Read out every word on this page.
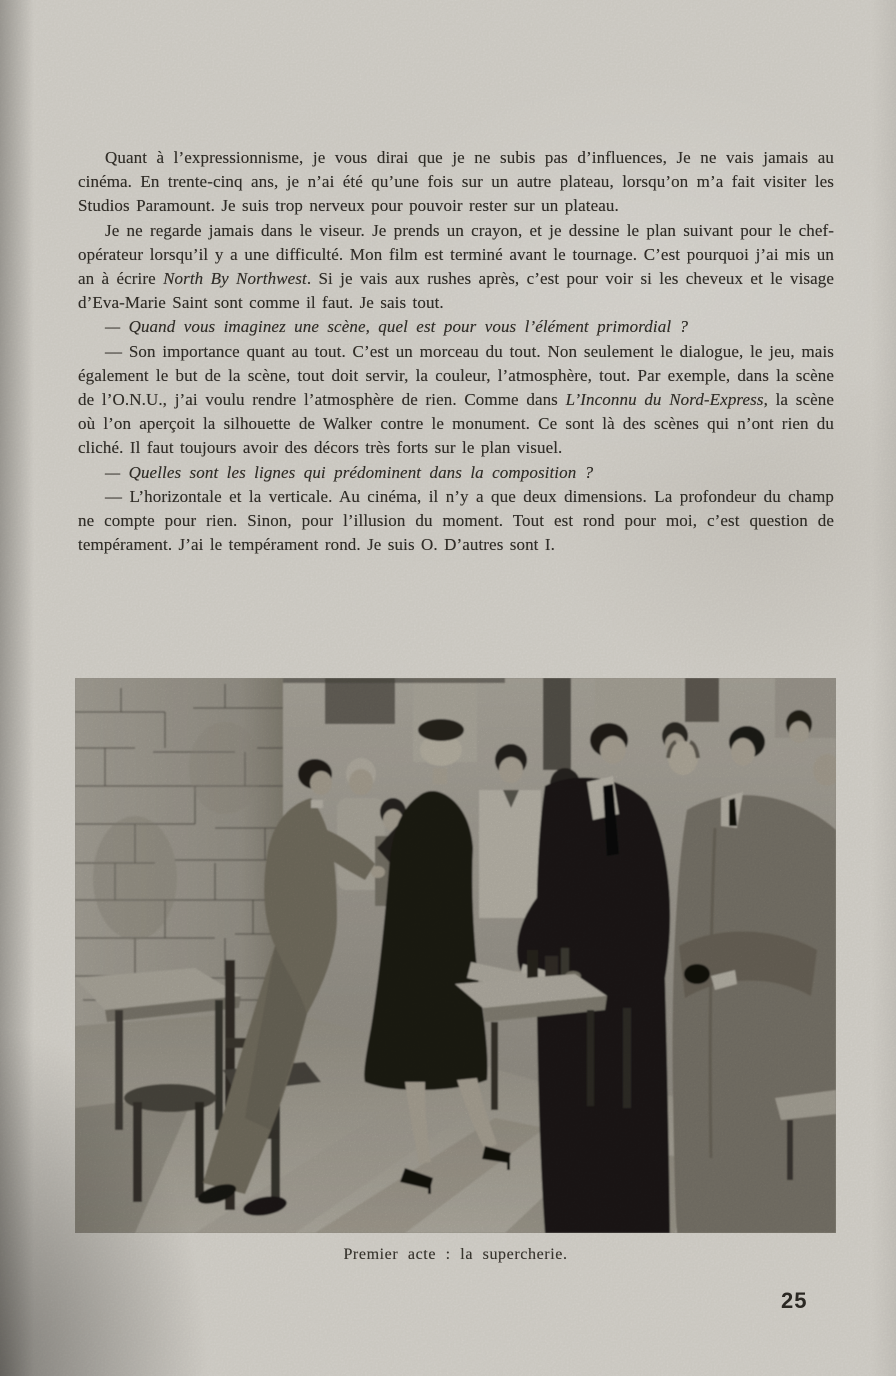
Quant à l’expressionnisme, je vous dirai que je ne subis pas d’influences, Je ne vais jamais au cinéma. En trente-cinq ans, je n’ai été qu’une fois sur un autre plateau, lorsqu’on m’a fait visiter les Studios Paramount. Je suis trop nerveux pour pouvoir rester sur un plateau.

Je ne regarde jamais dans le viseur. Je prends un crayon, et je dessine le plan suivant pour le chef-opérateur lorsqu’il y a une difficulté. Mon film est terminé avant le tournage. C’est pourquoi j’ai mis un an à écrire North By Northwest. Si je vais aux rushes après, c’est pour voir si les cheveux et le visage d’Eva-Marie Saint sont comme il faut. Je sais tout.

— Quand vous imaginez une scène, quel est pour vous l’élément primordial ?

— Son importance quant au tout. C’est un morceau du tout. Non seulement le dialogue, le jeu, mais également le but de la scène, tout doit servir, la couleur, l’atmosphère, tout. Par exemple, dans la scène de l’O.N.U., j’ai voulu rendre l’atmosphère de rien. Comme dans L’Inconnu du Nord-Express, la scène où l’on aperçoit la silhouette de Walker contre le monument. Ce sont là des scènes qui n’ont rien du cliché. Il faut toujours avoir des décors très forts sur le plan visuel.

— Quelles sont les lignes qui prédominent dans la composition ?

— L’horizontale et la verticale. Au cinéma, il n’y a que deux dimensions. La profondeur du champ ne compte pour rien. Sinon, pour l’illusion du moment. Tout est rond pour moi, c’est question de tempérament. J’ai le tempérament rond. Je suis O. D’autres sont I.

Premier acte : la supercherie.
25
